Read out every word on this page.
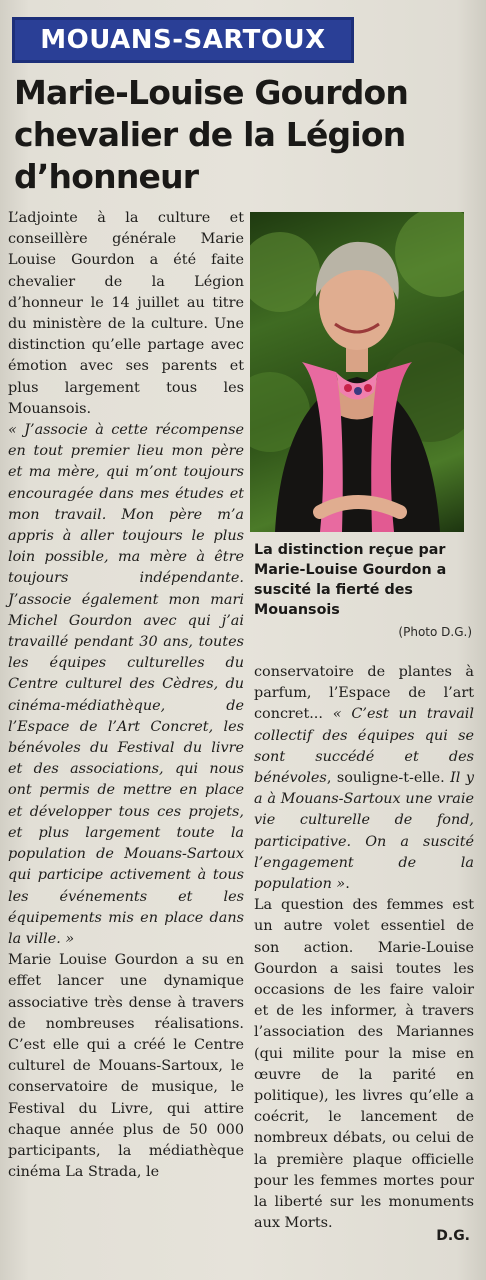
MOUANS-SARTOUX
Marie-Louise Gourdon chevalier de la Légion d’honneur

L’adjointe à la culture et conseillère générale Marie Louise Gourdon a été faite chevalier de la Légion d’honneur le 14 juillet au titre du ministère de la culture. Une distinction qu’elle partage avec émotion avec ses parents et plus largement tous les Mouansois.

« J’associe à cette récompense en tout premier lieu mon père et ma mère, qui m’ont toujours encouragée dans mes études et mon travail. Mon père m’a appris à aller toujours le plus loin possible, ma mère à être toujours indépendante. J’associe également mon mari Michel Gourdon avec qui j’ai travaillé pendant 30 ans, toutes les équipes culturelles du Centre culturel des Cèdres, du cinéma-médiathèque, de l’Espace de l’Art Concret, les bénévoles du Festival du livre et des associations, qui nous ont permis de mettre en place et développer tous ces projets, et plus largement toute la population de Mouans-Sartoux qui participe activement à tous les événements et les équipements mis en place dans la ville. »

Marie Louise Gourdon a su en effet lancer une dynamique associative très dense à travers de nombreuses réalisations. C’est elle qui a créé le Centre culturel de Mouans-Sartoux, le conservatoire de musique, le Festival du Livre, qui attire chaque année plus de 50 000 participants, la médiathèque cinéma La Strada, le

La distinction reçue par Marie-Louise Gourdon a suscité la fierté des Mouansois
(Photo D.G.)

conservatoire de plantes à parfum, l’Espace de l’art concret... « C’est un travail collectif des équipes qui se sont succédé et des bénévoles, souligne-t-elle. Il y a à Mouans-Sartoux une vraie vie culturelle de fond, participative. On a suscité l’engagement de la population ».

La question des femmes est un autre volet essentiel de son action. Marie-Louise Gourdon a saisi toutes les occasions de les faire valoir et de les informer, à travers l’association des Mariannes (qui milite pour la mise en œuvre de la parité en politique), les livres qu’elle a coécrit, le lancement de nombreux débats, ou celui de la première plaque officielle pour les femmes mortes pour la liberté sur les monuments aux Morts.

D.G.
